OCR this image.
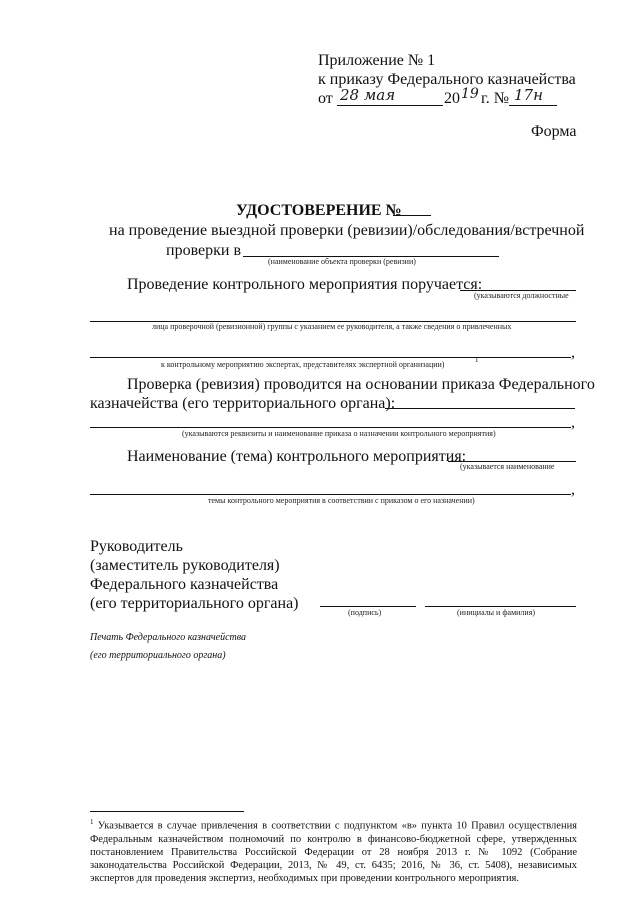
Приложение № 1
к приказу Федерального казначейства
от 28 мая	20 19 г. № 17н
Форма
УДОСТОВЕРЕНИЕ №
на проведение выездной проверки (ревизии)/обследования/встречной
проверки в
(наименование объекта проверки (ревизии)
Проведение контрольного мероприятия поручается:
(указываются должностные
лица проверочной (ревизионной) группы с указанием ее руководителя, а также сведения о привлеченных
,
к контрольному мероприятию экспертах, представителях экспертной организации)	1
Проверка (ревизия) проводится на основании приказа Федерального
казначейства (его территориального органа):
,
(указываются реквизиты и наименование приказа о назначении контрольного мероприятия)
Наименование (тема) контрольного мероприятия:
(указывается наименование
,
темы контрольного мероприятия в соответствии с приказом о его назначении)
Руководитель
(заместитель руководителя)
Федерального казначейства
(его территориального органа)
(подпись)	(инициалы и фамилия)
Печать Федерального казначейства
(его территориального органа)

$^1$ Указывается в случае привлечения в соответствии с подпунктом «в» пункта 10 Правил осуществления Федеральным казначейством полномочий по контролю в финансово-бюджетной сфере, утвержденных постановлением Правительства Российской Федерации от 28 ноября 2013 г. № 1092 (Собрание законодательства Российской Федерации, 2013, № 49, ст. 6435; 2016, № 36, ст. 5408), независимых экспертов для проведения экспертиз, необходимых при проведении контрольного мероприятия.
